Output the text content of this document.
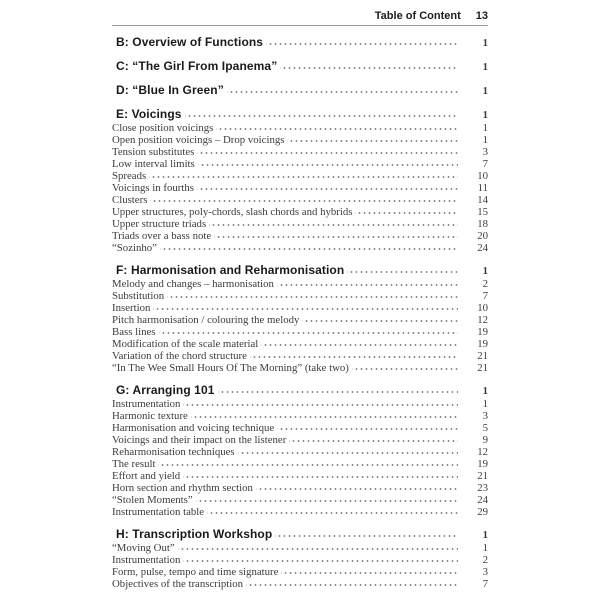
Table of Content 13
B: Overview of Functions	1
C: “The Girl From Ipanema”	1
D: “Blue In Green”	1
E: Voicings	1
Close position voicings	1
Open position voicings – Drop voicings	1
Tension substitutes	3
Low interval limits	7
Spreads	10
Voicings in fourths	11
Clusters	14
Upper structures, poly-chords, slash chords and hybrids	15
Upper structure triads	18
Triads over a bass note	20
“Sozinho”	24
F: Harmonisation and Reharmonisation	1
Melody and changes – harmonisation	2
Substitution	7
Insertion	10
Pitch harmonisation / colouring the melody	12
Bass lines	19
Modification of the scale material	19
Variation of the chord structure	21
“In The Wee Small Hours Of The Morning” (take two)	21
G: Arranging 101	1
Instrumentation	1
Harmonic texture	3
Harmonisation and voicing technique	5
Voicings and their impact on the listener	9
Reharmonisation techniques	12
The result	19
Effort and yield	21
Horn section and rhythm section	23
“Stolen Moments”	24
Instrumentation table	29
H: Transcription Workshop	1
“Moving Out”	1
Instrumentation	2
Form, pulse, tempo and time signature	3
Objectives of the transcription	7
